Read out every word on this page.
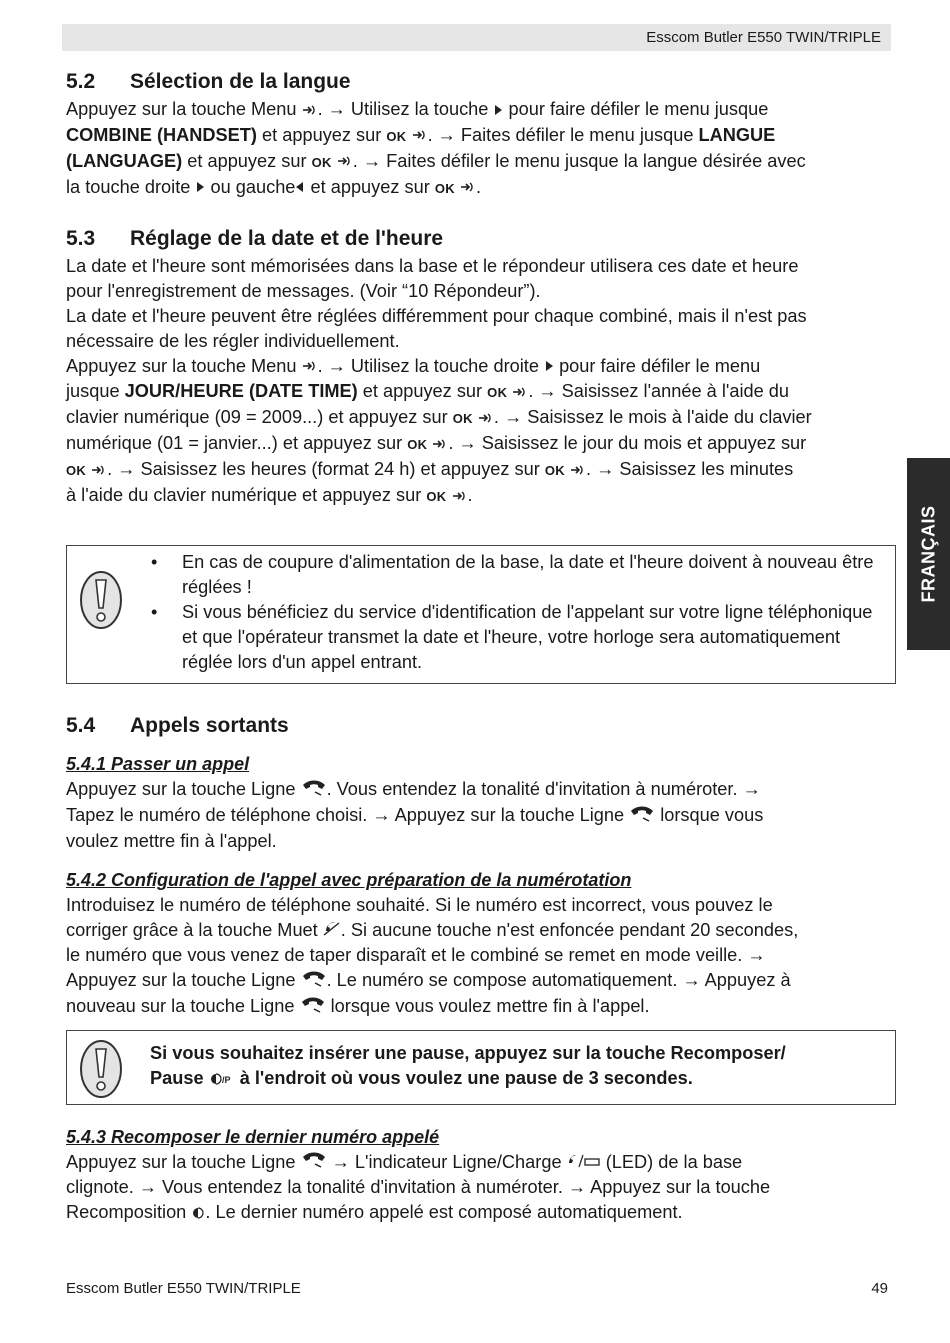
Esscom Butler E550 TWIN/TRIPLE
FRANÇAIS
5.2 Sélection de la langue
Appuyez sur la touche Menu . → Utilisez la touche  pour faire défiler le menu jusque
COMBINE (HANDSET) et appuyez sur OK . → Faites défiler le menu jusque LANGUE
(LANGUAGE) et appuyez sur OK . → Faites défiler le menu jusque la langue désirée avec
la touche droite  ou gauche et appuyez sur OK .
5.3 Réglage de la date et de l'heure
La date et l'heure sont mémorisées dans la base et le répondeur utilisera ces date et heure
pour l'enregistrement de messages. (Voir “10 Répondeur”).
La date et l'heure peuvent être réglées différemment pour chaque combiné, mais il n'est pas
nécessaire de les régler individuellement.
Appuyez sur la touche Menu . → Utilisez la touche droite  pour faire défiler le menu
jusque JOUR/HEURE (DATE TIME) et appuyez sur OK . → Saisissez l'année à l'aide du
clavier numérique (09 = 2009...) et appuyez sur OK . → Saisissez le mois à l'aide du clavier
numérique (01 = janvier...) et appuyez sur OK . → Saisissez le jour du mois et appuyez sur
OK . → Saisissez les heures (format 24 h) et appuyez sur OK . → Saisissez les minutes
à l'aide du clavier numérique et appuyez sur OK .
• En cas de coupure d'alimentation de la base, la date et l'heure doivent à nouveau être réglées !
• Si vous bénéficiez du service d'identification de l'appelant sur votre ligne téléphonique et que l'opérateur transmet la date et l'heure, votre horloge sera automatiquement réglée lors d'un appel entrant.
5.4 Appels sortants
5.4.1 Passer un appel
Appuyez sur la touche Ligne . Vous entendez la tonalité d'invitation à numéroter. →
Tapez le numéro de téléphone choisi. → Appuyez sur la touche Ligne  lorsque vous
voulez mettre fin à l'appel.
5.4.2 Configuration de l'appel avec préparation de la numérotation
Introduisez le numéro de téléphone souhaité. Si le numéro est incorrect, vous pouvez le
corriger grâce à la touche Muet . Si aucune touche n'est enfoncée pendant 20 secondes,
le numéro que vous venez de taper disparaît et le combiné se remet en mode veille. →
Appuyez sur la touche Ligne . Le numéro se compose automatiquement. → Appuyez à
nouveau sur la touche Ligne  lorsque vous voulez mettre fin à l'appel.
Si vous souhaitez insérer une pause, appuyez sur la touche Recomposer/
Pause /P à l'endroit où vous voulez une pause de 3 secondes.
5.4.3 Recomposer le dernier numéro appelé
Appuyez sur la touche Ligne  → L'indicateur Ligne/Charge  (LED) de la base
clignote. → Vous entendez la tonalité d'invitation à numéroter. → Appuyez sur la touche
Recomposition . Le dernier numéro appelé est composé automatiquement.
Esscom Butler E550 TWIN/TRIPLE	49
